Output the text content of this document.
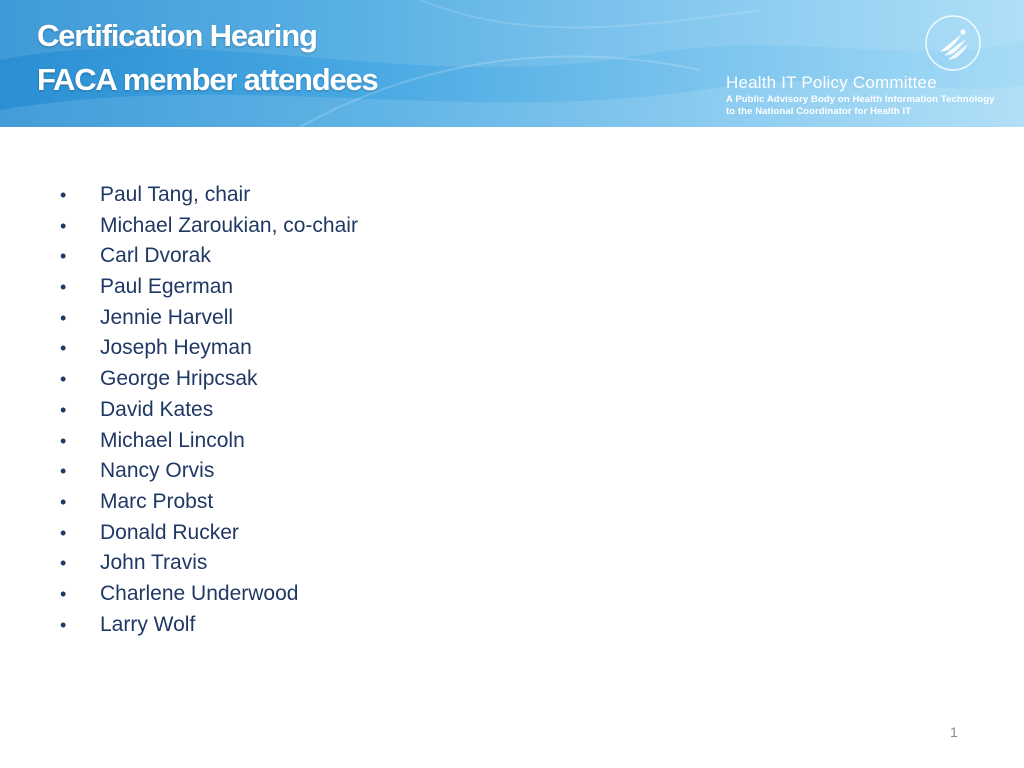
Certification Hearing
FACA member attendees	Health IT Policy Committee
A Public Advisory Body on Health Information Technology
to the National Coordinator for Health IT
• Paul Tang, chair
• Michael Zaroukian, co-chair
• Carl Dvorak
• Paul Egerman
• Jennie Harvell
• Joseph Heyman
• George Hripcsak
• David Kates
• Michael Lincoln
• Nancy Orvis
• Marc Probst
• Donald Rucker
• John Travis
• Charlene Underwood
• Larry Wolf
1
